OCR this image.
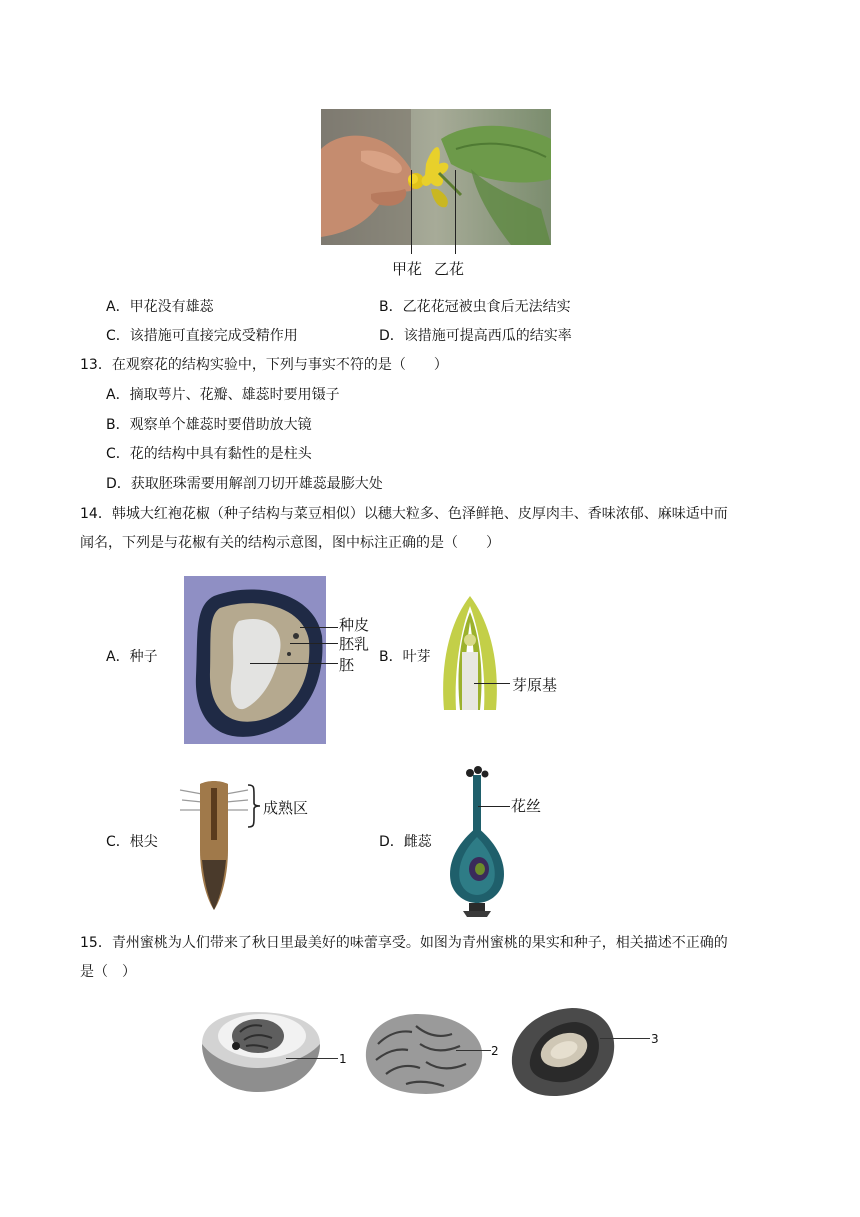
甲花 乙花
A．甲花没有雄蕊	B．乙花花冠被虫食后无法结实
C．该措施可直接完成受精作用	D．该措施可提高西瓜的结实率
13．在观察花的结构实验中，下列与事实不符的是（　　）
A．摘取萼片、花瓣、雄蕊时要用镊子
B．观察单个雄蕊时要借助放大镜
C．花的结构中具有黏性的是柱头
D．获取胚珠需要用解剖刀切开雄蕊最膨大处
14．韩城大红袍花椒（种子结构与菜豆相似）以穗大粒多、色泽鲜艳、皮厚肉丰、香味浓郁、麻味适中而
闻名，下列是与花椒有关的结构示意图，图中标注正确的是（　　）
A．种子
种皮
胚乳
胚 B．叶芽
芽原基
C．根尖
成熟区
D．雌蕊
花丝
15．青州蜜桃为人们带来了秋日里最美好的味蕾享受。如图为青州蜜桃的果实和种子，相关描述不正确的
是（　）
1
2
3
